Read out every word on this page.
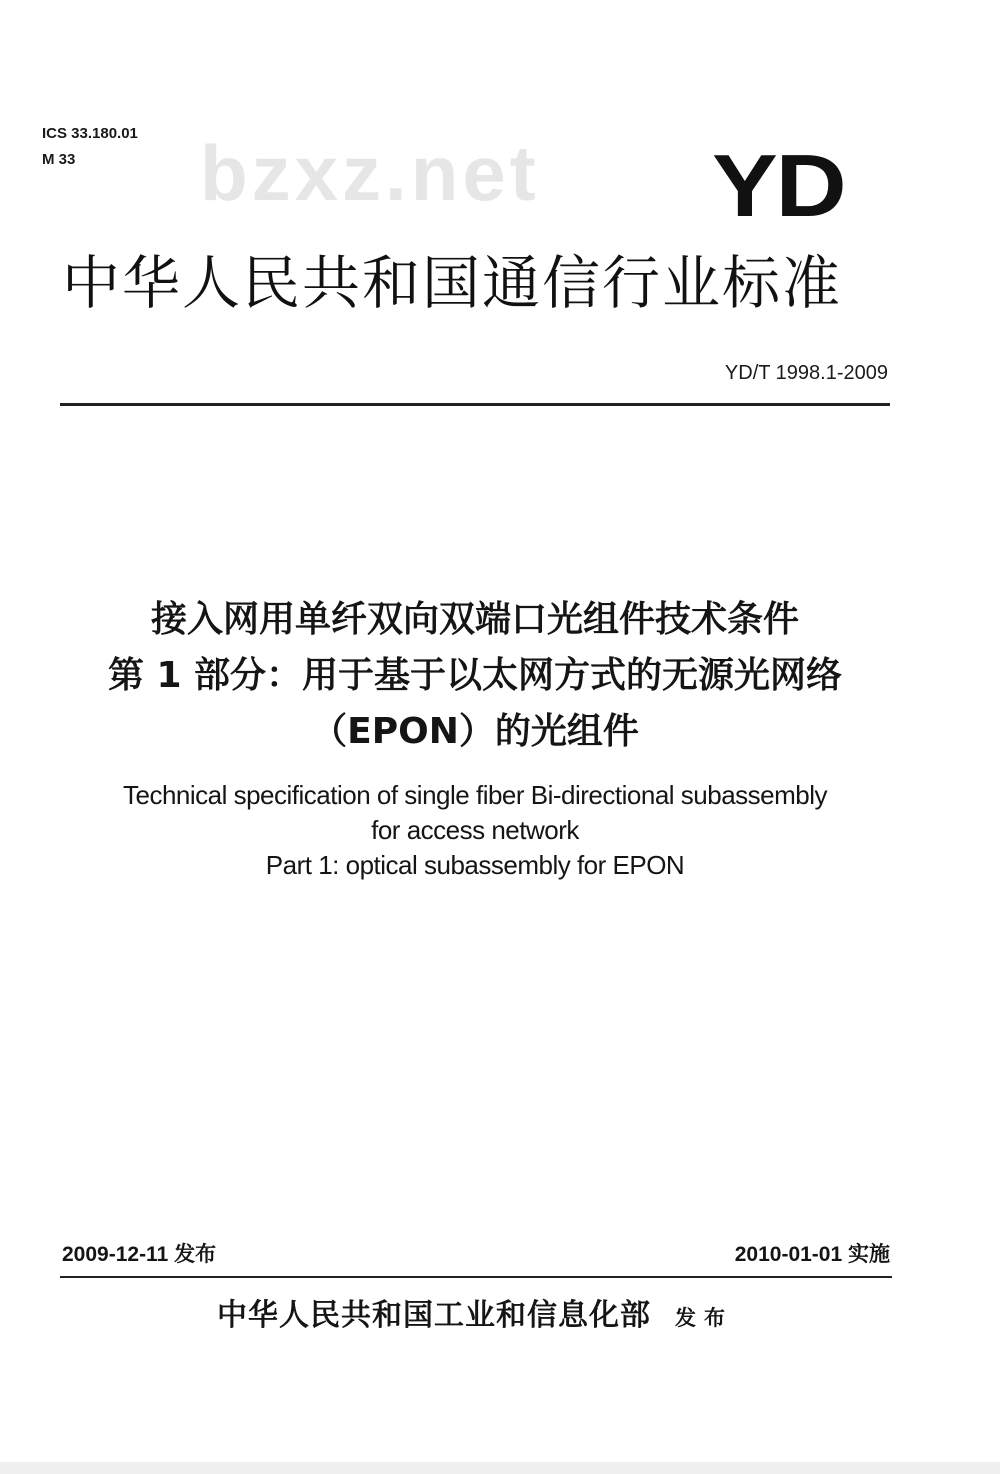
ICS 33.180.01
M 33	bzxz.net YD
中华人民共和国通信行业标准
YD/T 1998.1-2009
接入网用单纤双向双端口光组件技术条件
第 1 部分：用于基于以太网方式的无源光网络
（EPON）的光组件
Technical specification of single fiber Bi-directional subassembly
for access network
Part 1: optical subassembly for EPON
2009-12-11 发布	2010-01-01 实施
中华人民共和国工业和信息化部 发布
